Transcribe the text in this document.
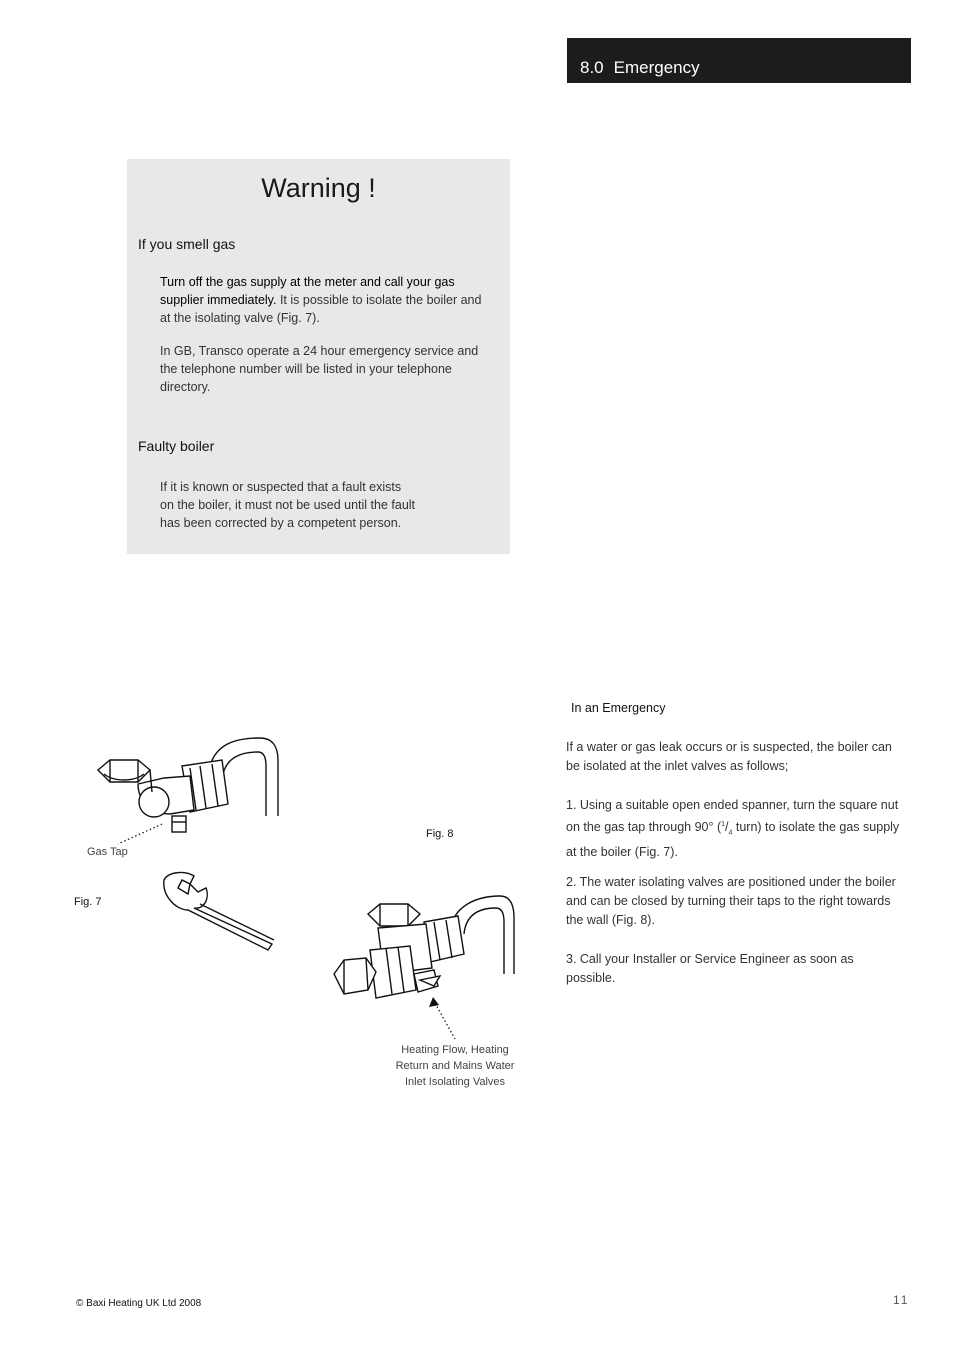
8.0 Emergency
Warning !
If you smell gas
Turn off the gas supply at the meter and call your gas supplier immediately. It is possible to isolate the boiler and at the isolating valve (Fig. 7).
In GB, Transco operate a 24 hour emergency service and the telephone number will be listed in your telephone directory.
Faulty boiler
If it is known or suspected that a fault exists
on the boiler, it must not be used until the fault
has been corrected by a competent person.
Gas Tap
Fig. 7
Fig. 8
Heating Flow, Heating
Return and Mains Water
Inlet Isolating Valves
In an Emergency
If a water or gas leak occurs or is suspected, the boiler can be isolated at the inlet valves as follows;
1. Using a suitable open ended spanner, turn the square nut on the gas tap through 90° ($^1/_4$ turn) to isolate the gas supply at the boiler (Fig. 7).
2. The water isolating valves are positioned under the boiler and can be closed by turning their taps to the right towards the wall (Fig. 8).
3. Call your Installer or Service Engineer as soon as possible.
© Baxi Heating UK Ltd 2008	11
